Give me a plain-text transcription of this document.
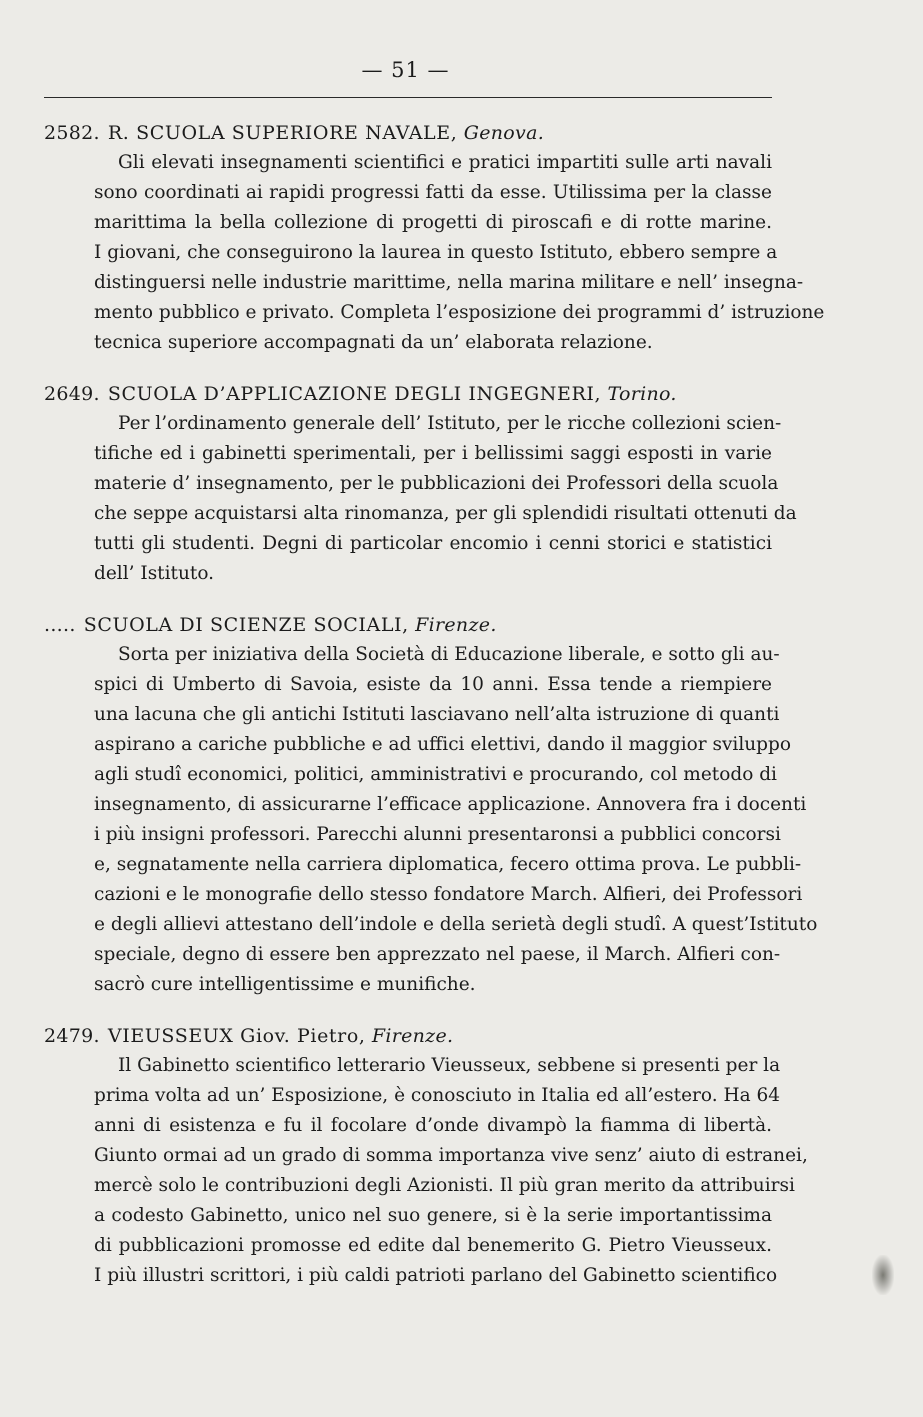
— 51 —
2582. R. SCUOLA SUPERIORE NAVALE, Genova.

Gli elevati insegnamenti scientifici e pratici impartiti sulle arti navali
sono coordinati ai rapidi progressi fatti da esse. Utilissima per la classe
marittima la bella collezione di progetti di piroscafi e di rotte marine.
I giovani, che conseguirono la laurea in questo Istituto, ebbero sempre a
distinguersi nelle industrie marittime, nella marina militare e nell’ insegna-
mento pubblico e privato. Completa l’esposizione dei programmi d’ istruzione
tecnica superiore accompagnati da un’ elaborata relazione.

2649. SCUOLA D’APPLICAZIONE DEGLI INGEGNERI, Torino.

Per l’ordinamento generale dell’ Istituto, per le ricche collezioni scien-
tifiche ed i gabinetti sperimentali, per i bellissimi saggi esposti in varie
materie d’ insegnamento, per le pubblicazioni dei Professori della scuola
che seppe acquistarsi alta rinomanza, per gli splendidi risultati ottenuti da
tutti gli studenti. Degni di particolar encomio i cenni storici e statistici
dell’ Istituto.

..... SCUOLA DI SCIENZE SOCIALI, Firenze.

Sorta per iniziativa della Società di Educazione liberale, e sotto gli au-
spici di Umberto di Savoia, esiste da 10 anni. Essa tende a riempiere
una lacuna che gli antichi Istituti lasciavano nell’alta istruzione di quanti
aspirano a cariche pubbliche e ad uffici elettivi, dando il maggior sviluppo
agli studî economici, politici, amministrativi e procurando, col metodo di
insegnamento, di assicurarne l’efficace applicazione. Annovera fra i docenti
i più insigni professori. Parecchi alunni presentaronsi a pubblici concorsi
e, segnatamente nella carriera diplomatica, fecero ottima prova. Le pubbli-
cazioni e le monografie dello stesso fondatore March. Alfieri, dei Professori
e degli allievi attestano dell’indole e della serietà degli studî. A quest’Istituto
speciale, degno di essere ben apprezzato nel paese, il March. Alfieri con-
sacrò cure intelligentissime e munifiche.

2479. VIEUSSEUX Giov. Pietro, Firenze.

Il Gabinetto scientifico letterario Vieusseux, sebbene si presenti per la
prima volta ad un’ Esposizione, è conosciuto in Italia ed all’estero. Ha 64
anni di esistenza e fu il focolare d’onde divampò la fiamma di libertà.
Giunto ormai ad un grado di somma importanza vive senz’ aiuto di estranei,
mercè solo le contribuzioni degli Azionisti. Il più gran merito da attribuirsi
a codesto Gabinetto, unico nel suo genere, si è la serie importantissima
di pubblicazioni promosse ed edite dal benemerito G. Pietro Vieusseux.
I più illustri scrittori, i più caldi patrioti parlano del Gabinetto scientifico
